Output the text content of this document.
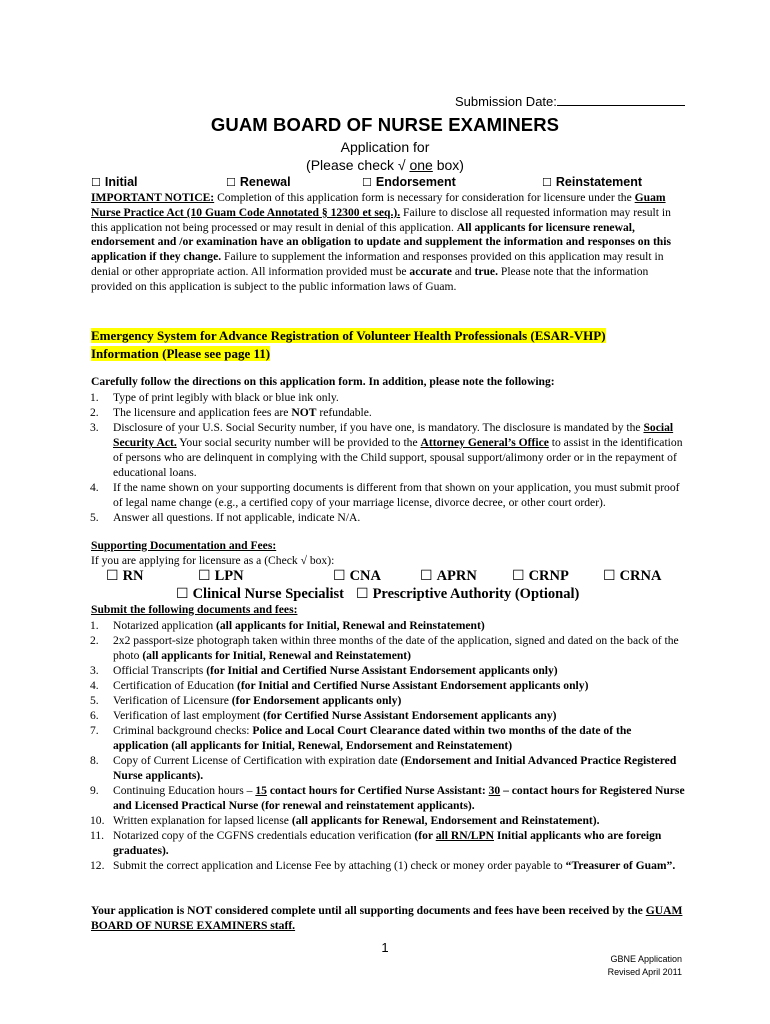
Submission Date:
GUAM BOARD OF NURSE EXAMINERS
Application for
(Please check √ one box)
☐ Initial	☐ Renewal	☐ Endorsement	☐ Reinstatement
IMPORTANT NOTICE: Completion of this application form is necessary for consideration for licensure under the Guam Nurse Practice Act (10 Guam Code Annotated § 12300 et seq.). Failure to disclose all requested information may result in this application not being processed or may result in denial of this application. All applicants for licensure renewal, endorsement and /or examination have an obligation to update and supplement the information and responses on this application if they change. Failure to supplement the information and responses provided on this application may result in denial or other appropriate action. All information provided must be accurate and true. Please note that the information provided on this application is subject to the public information laws of Guam.
Emergency System for Advance Registration of Volunteer Health Professionals (ESAR-VHP)
Information (Please see page 11)
Carefully follow the directions on this application form. In addition, please note the following:
1. Type of print legibly with black or blue ink only.
2. The licensure and application fees are NOT refundable.
3. Disclosure of your U.S. Social Security number, if you have one, is mandatory. The disclosure is mandated by the Social Security Act. Your social security number will be provided to the Attorney General’s Office to assist in the identification of persons who are delinquent in complying with the Child support, spousal support/alimony order or in the repayment of educational loans.
4. If the name shown on your supporting documents is different from that shown on your application, you must submit proof of legal name change (e.g., a certified copy of your marriage license, divorce decree, or other court order).
5. Answer all questions. If not applicable, indicate N/A.
Supporting Documentation and Fees:
If you are applying for licensure as a (Check √ box):
☐ RN	☐ LPN	☐ CNA	☐ APRN	☐ CRNP ☐ CRNA
☐ Clinical Nurse Specialist ☐ Prescriptive Authority (Optional)
Submit the following documents and fees:
1. Notarized application (all applicants for Initial, Renewal and Reinstatement)
2. 2x2 passport-size photograph taken within three months of the date of the application, signed and dated on the back of the photo (all applicants for Initial, Renewal and Reinstatement)
3. Official Transcripts (for Initial and Certified Nurse Assistant Endorsement applicants only)
4. Certification of Education (for Initial and Certified Nurse Assistant Endorsement applicants only)
5. Verification of Licensure (for Endorsement applicants only)
6. Verification of last employment (for Certified Nurse Assistant Endorsement applicants any)
7. Criminal background checks: Police and Local Court Clearance dated within two months of the date of the application (all applicants for Initial, Renewal, Endorsement and Reinstatement)
8. Copy of Current License of Certification with expiration date (Endorsement and Initial Advanced Practice Registered Nurse applicants).
9. Continuing Education hours – 15 contact hours for Certified Nurse Assistant: 30 – contact hours for Registered Nurse and Licensed Practical Nurse (for renewal and reinstatement applicants).
10. Written explanation for lapsed license (all applicants for Renewal, Endorsement and Reinstatement).
11. Notarized copy of the CGFNS credentials education verification (for all RN/LPN Initial applicants who are foreign graduates).
12. Submit the correct application and License Fee by attaching (1) check or money order payable to “Treasurer of Guam”.
Your application is NOT considered complete until all supporting documents and fees have been received by the GUAM BOARD OF NURSE EXAMINERS staff.
1
GBNE Application
Revised April 2011
